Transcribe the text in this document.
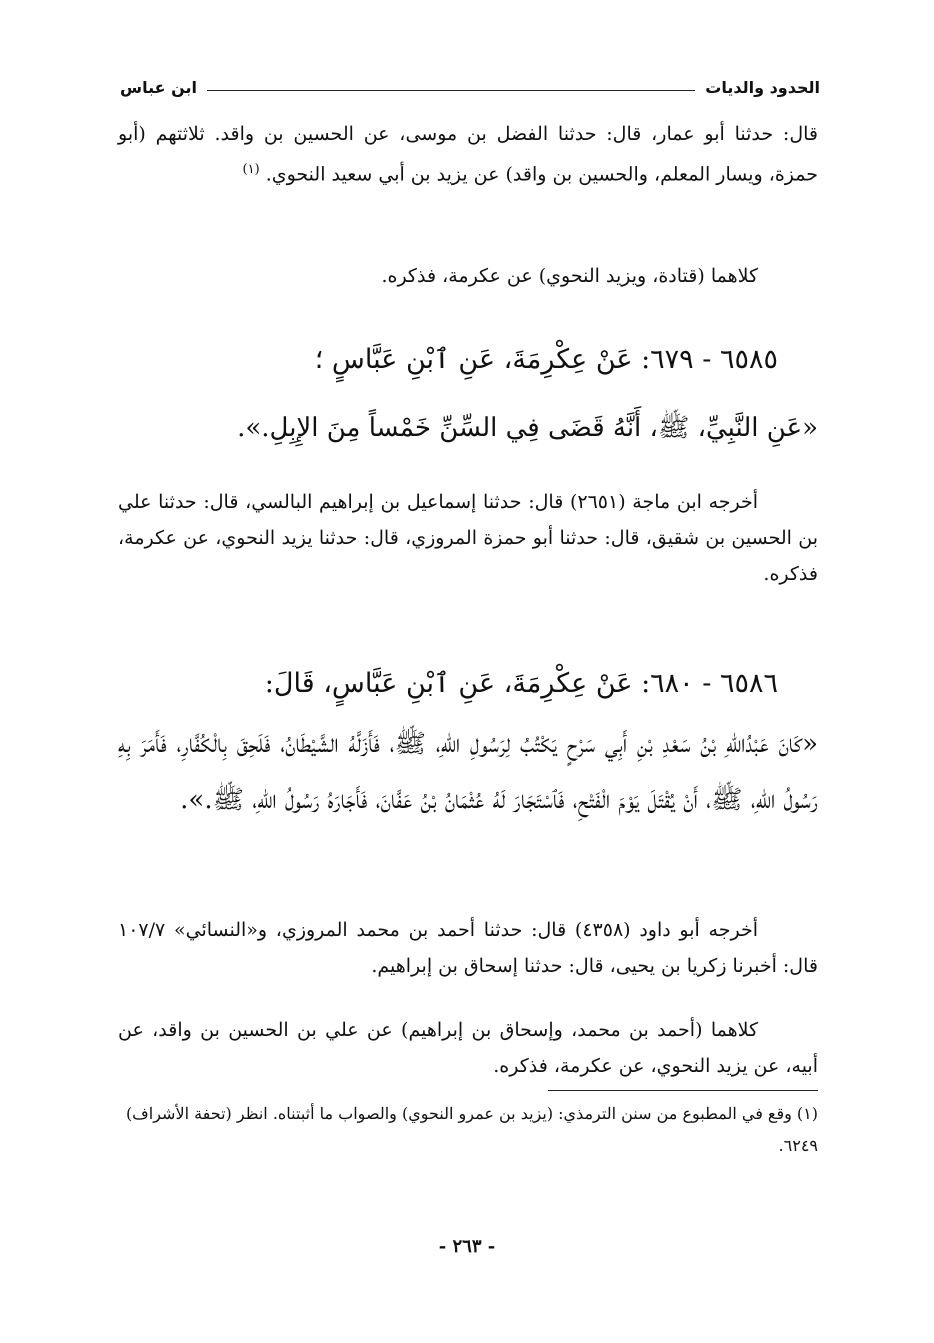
الحدود والديات
ابن عباس
قال: حدثنا أبو عمار، قال: حدثنا الفضل بن موسى، عن الحسين بن واقد. ثلاثتهم (أبو حمزة، ويسار المعلم، والحسين بن واقد) عن يزيد بن أبي سعيد النحوي. $^{(١)}$
كلاهما (قتادة، ويزيد النحوي) عن عكرمة، فذكره.
٦٥٨٥ - ٦٧٩: عَنْ عِكْرِمَةَ، عَنِ ٱبْنِ عَبَّاسٍ ؛
«عَنِ النَّبِيِّ، ﷺ، أَنَّهُ قَضَى فِي السِّنِّ خَمْساً مِنَ الإِبِلِ.».
أخرجه ابن ماجة (٢٦٥١) قال: حدثنا إسماعيل بن إبراهيم البالسي، قال: حدثنا علي بن الحسين بن شقيق، قال: حدثنا أبو حمزة المروزي، قال: حدثنا يزيد النحوي، عن عكرمة، فذكره.
٦٥٨٦ - ٦٨٠: عَنْ عِكْرِمَةَ، عَنِ ٱبْنِ عَبَّاسٍ، قَالَ:
«كَانَ عَبْدُاللّهِ بْنُ سَعْدِ بْنِ أَبِي سَرْحٍ يَكْتُبُ لِرَسُولِ اللّهِ، ﷺ، فَأَزَلَّهُ الشَّيْطَانُ، فَلَحِقَ بِالْكُفَّارِ، فَأَمَرَ بِهِ رَسُولُ اللّهِ، ﷺ، أَنْ يُقْتَلَ يَوْمَ الْفَتْحِ، فَٱسْتَجَارَ لَهُ عُثْمَانُ بْنُ عَفَّانَ، فَأَجَارَهُ رَسُولُ اللّهِ، ﷺ.».
أخرجه أبو داود (٤٣٥٨) قال: حدثنا أحمد بن محمد المروزي، و«النسائي» ١٠٧/٧ قال: أخبرنا زكريا بن يحيى، قال: حدثنا إسحاق بن إبراهيم.
كلاهما (أحمد بن محمد، وإسحاق بن إبراهيم) عن علي بن الحسين بن واقد، عن أبيه، عن يزيد النحوي، عن عكرمة، فذكره.
(١) وقع في المطبوع من سنن الترمذي: (يزيد بن عمرو النحوي) والصواب ما أثبتناه. انظر (تحفة الأشراف) ٦٢٤٩.
- ٢٦٣ -
